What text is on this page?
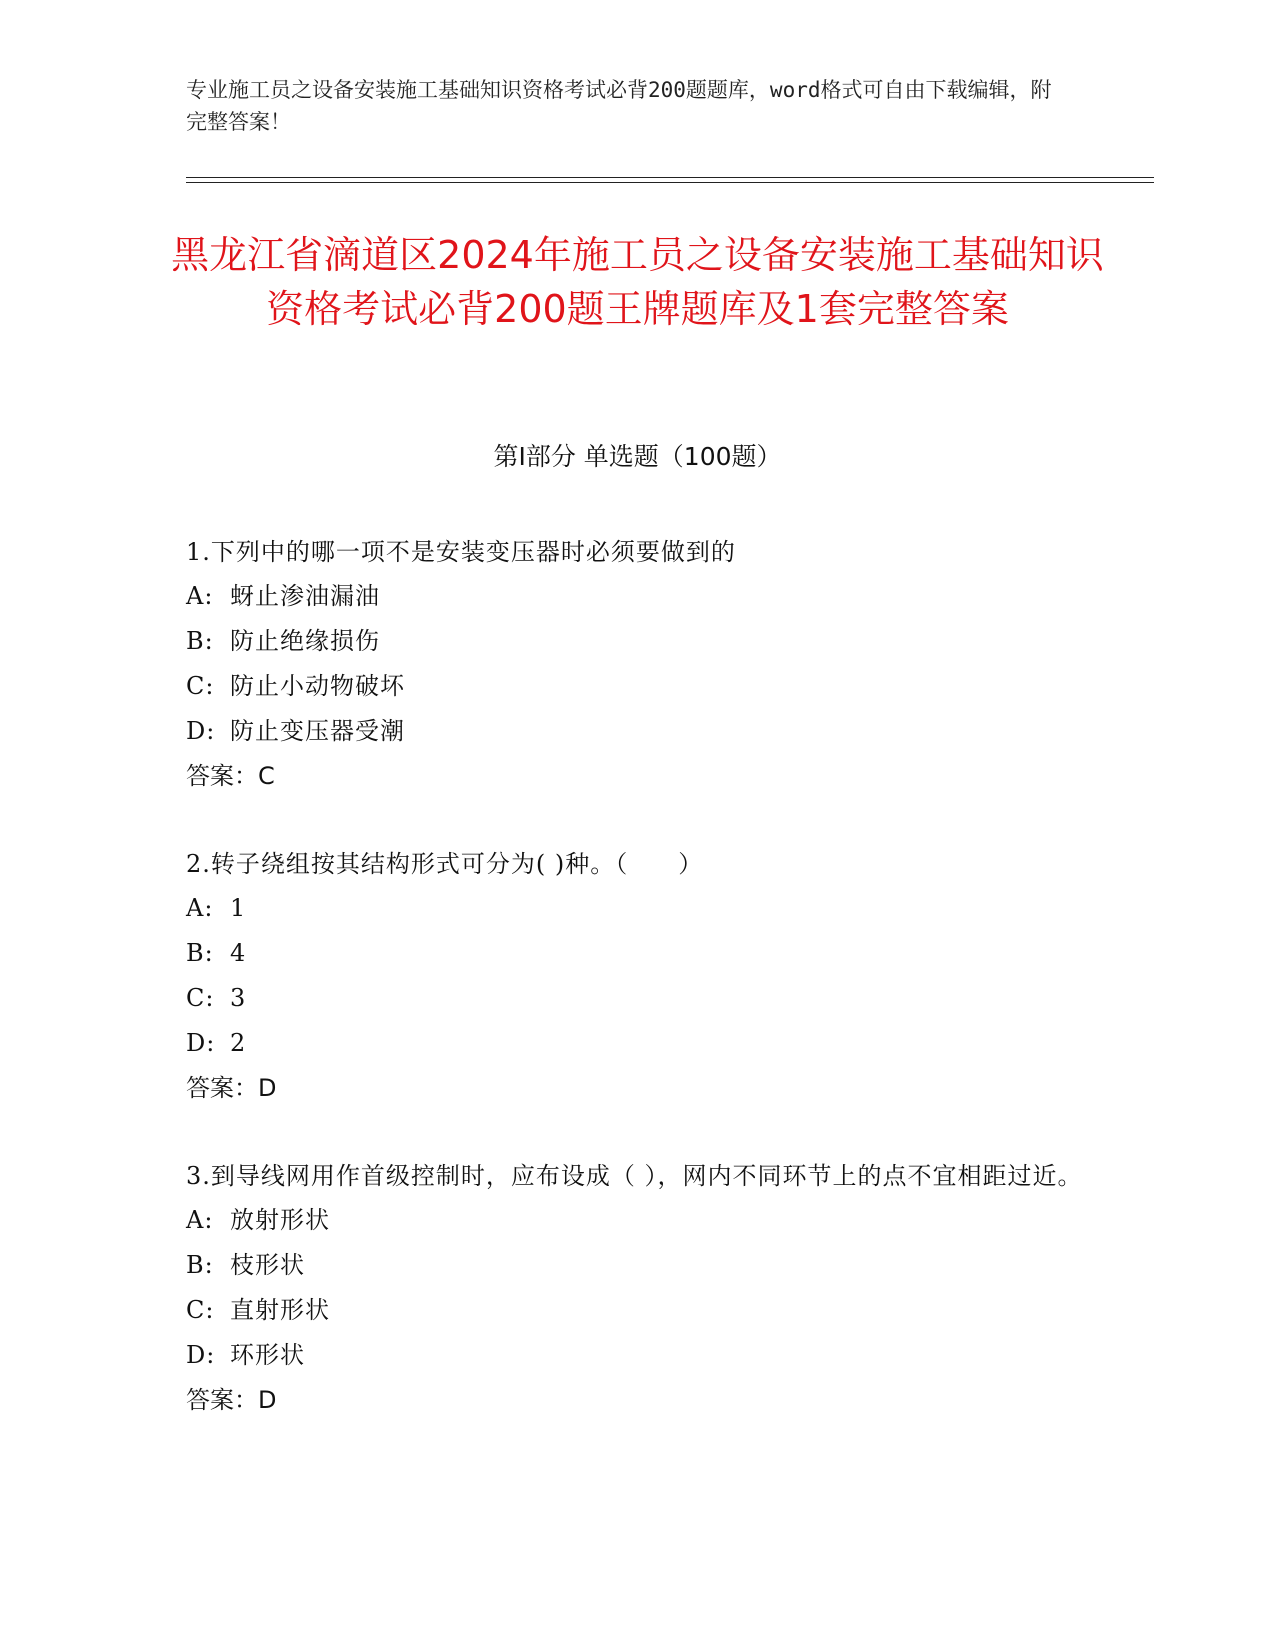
专业施工员之设备安装施工基础知识资格考试必背200题题库，word格式可自由下载编辑，附完整答案！
黑龙江省滴道区2024年施工员之设备安装施工基础知识资格考试必背200题王牌题库及1套完整答案
第Ⅰ部分 单选题（100题）
1.下列中的哪一项不是安装变压器时必须要做到的
A: 蚜止渗油漏油
B: 防止绝缘损伤
C: 防止小动物破坏
D: 防止变压器受潮
答案：C
2.转子绕组按其结构形式可分为( )种。（　　）
A: 1
B: 4
C: 3
D: 2
答案：D
3.到导线网用作首级控制时，应布设成（ ），网内不同环节上的点不宜相距过近。
A: 放射形状
B: 枝形状
C: 直射形状
D: 环形状
答案：D
